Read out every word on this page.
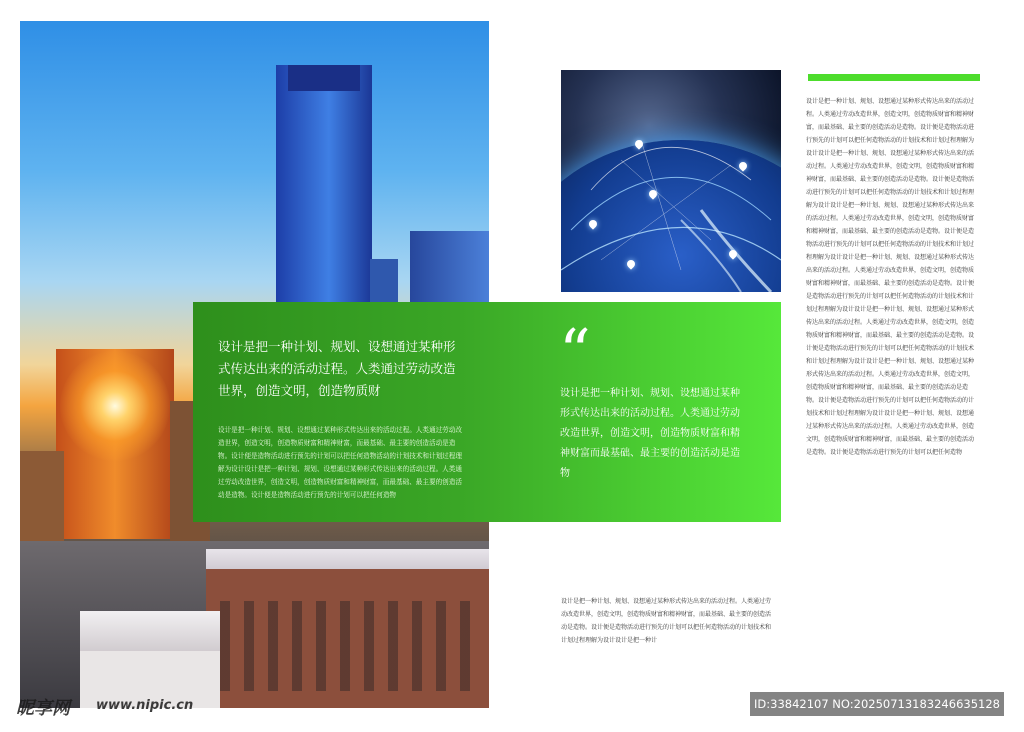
设计是把一种计划、规划、设想通过某种形式传达出来的活动过程。人类通过劳动改造世界，创造文明，创造物质财
设计是把一种计划、规划、设想通过某种形式传达出来的活动过程。人类通过劳动改造世界，创造文明，创造物质财富和精神财富，而最基础、最主要的创造活动是造物。设计便是造物活动进行预先的计划可以把任何造物活动的计划技术和计划过程理解为设计设计是把一种计划、规划、设想通过某种形式传达出来的活动过程。人类通过劳动改造世界，创造文明，创造物质财富和精神财富，而最基础、最主要的创造活动是造物。设计便是造物活动进行预先的计划可以把任何造物
“
设计是把一种计划、规划、设想通过某种形式传达出来的活动过程。人类通过劳动改造世界，创造文明，创造物质财富和精神财富而最基础、最主要的创造活动是造物
设计是把一种计划、规划、设想通过某种形式传达出来的活动过程。人类通过劳动改造世界，创造文明，创造物质财富和精神财富，而最基础、最主要的创造活动是造物。设计便是造物活动进行预先的计划可以把任何造物活动的计划技术和计划过程理解为设计设计是把一种计
设计是把一种计划、规划、设想通过某种形式传达出来的活动过程。人类通过劳动改造世界，创造文明，创造物质财富和精神财富，而最基础、最主要的创造活动是造物。设计便是造物活动进行预先的计划可以把任何造物活动的计划技术和计划过程理解为设计设计是把一种计划、规划、设想通过某种形式传达出来的活动过程。人类通过劳动改造世界，创造文明，创造物质财富和精神财富，而最基础、最主要的创造活动是造物。设计便是造物活动进行预先的计划可以把任何造物活动的计划技术和计划过程理解为设计设计是把一种计划、规划、设想通过某种形式传达出来的活动过程。人类通过劳动改造世界，创造文明，创造物质财富和精神财富，而最基础、最主要的创造活动是造物。设计便是造物活动进行预先的计划可以把任何造物活动的计划技术和计划过程理解为设计设计是把一种计划、规划、设想通过某种形式传达出来的活动过程。人类通过劳动改造世界，创造文明，创造物质财富和精神财富，而最基础、最主要的创造活动是造物。设计便是造物活动进行预先的计划可以把任何造物活动的计划技术和计划过程理解为设计设计是把一种计划、规划、设想通过某种形式传达出来的活动过程。人类通过劳动改造世界，创造文明，创造物质财富和精神财富，而最基础、最主要的创造活动是造物。设计便是造物活动进行预先的计划可以把任何造物活动的计划技术和计划过程理解为设计设计是把一种计划、规划、设想通过某种形式传达出来的活动过程。人类通过劳动改造世界，创造文明，创造物质财富和精神财富，而最基础、最主要的创造活动是造物。设计便是造物活动进行预先的计划可以把任何造物活动的计划技术和计划过程理解为设计设计是把一种计划、规划、设想通过某种形式传达出来的活动过程。人类通过劳动改造世界，创造文明，创造物质财富和精神财富，而最基础、最主要的创造活动是造物。设计便是造物活动进行预先的计划可以把任何造物
昵享网 www.nipic.cn	ID:33842107 NO:20250713183246635128
